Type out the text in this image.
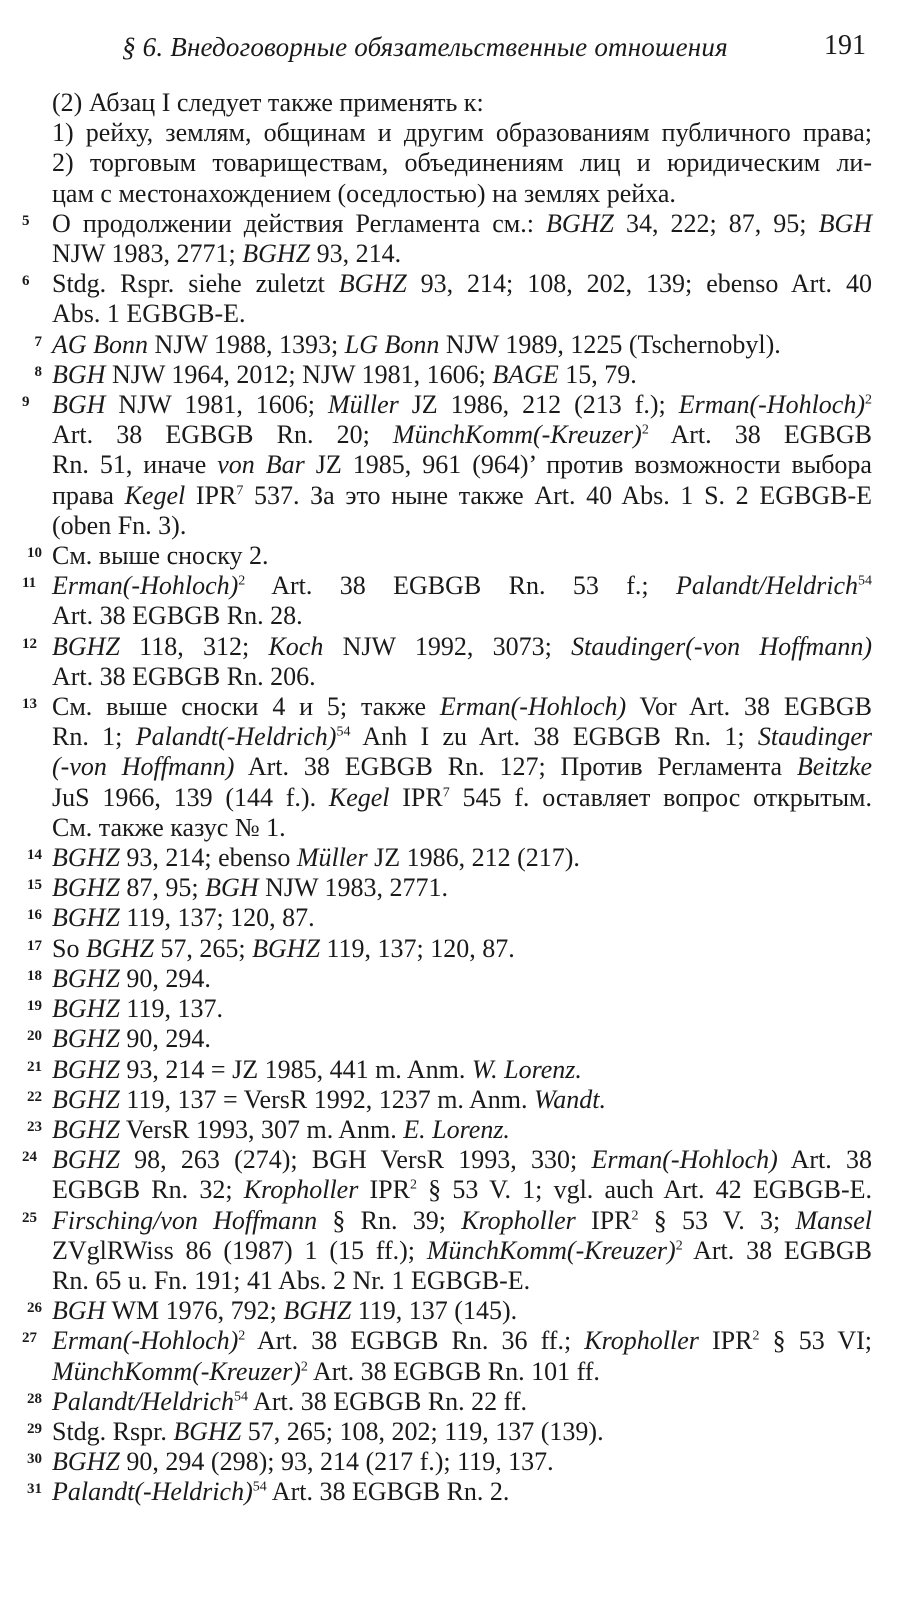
§ 6. Внедоговорные обязательственные отношения	191
(2) Абзац I следует также применять к:
1) рейху, землям, общинам и другим образованиям публичного права;
2) торговым товариществам, объединениям лиц и юридическим ли-
цам с местонахождением (оседлостью) на землях рейха.
5 О продолжении действия Регламента см.: BGHZ 34, 222; 87, 95; BGH
NJW 1983, 2771; BGHZ 93, 214.
6 Stdg. Rspr. siehe zuletzt BGHZ 93, 214; 108, 202, 139; ebenso Art. 40
Abs. 1 EGBGB-E.
7 AG Bonn NJW 1988, 1393; LG Bonn NJW 1989, 1225 (Tschernobyl).
8 BGH NJW 1964, 2012; NJW 1981, 1606; BAGE 15, 79.
9 BGH NJW 1981, 1606; Müller JZ 1986, 212 (213 f.); Erman(-Hohloch)$^2$
Art. 38 EGBGB Rn. 20; MünchKomm(-Kreuzer)$^2$ Art. 38 EGBGB
Rn. 51, иначе von Bar JZ 1985, 961 (964)’ против возможности выбора
права Kegel IPR$^7$ 537. За это ныне также Art. 40 Abs. 1 S. 2 EGBGB-E
(oben Fn. 3).
10 См. выше сноску 2.
11 Erman(-Hohloch)$^2$ Art. 38 EGBGB Rn. 53 f.; Palandt/Heldrich$^{54}$
Art. 38 EGBGB Rn. 28.
12 BGHZ 118, 312; Koch NJW 1992, 3073; Staudinger(-von Hoffmann)
Art. 38 EGBGB Rn. 206.
13 См. выше сноски 4 и 5; также Erman(-Hohloch) Vor Art. 38 EGBGB
Rn. 1; Palandt(-Heldrich)$^{54}$ Anh I zu Art. 38 EGBGB Rn. 1; Staudinger
(-von Hoffmann) Art. 38 EGBGB Rn. 127; Против Регламента Beitzke
JuS 1966, 139 (144 f.). Kegel IPR$^7$ 545 f. оставляет вопрос открытым.
См. также казус № 1.
14 BGHZ 93, 214; ebenso Müller JZ 1986, 212 (217).
15 BGHZ 87, 95; BGH NJW 1983, 2771.
16 BGHZ 119, 137; 120, 87.
17 So BGHZ 57, 265; BGHZ 119, 137; 120, 87.
18 BGHZ 90, 294.
19 BGHZ 119, 137.
20 BGHZ 90, 294.
21 BGHZ 93, 214 = JZ 1985, 441 m. Anm. W. Lorenz.
22 BGHZ 119, 137 = VersR 1992, 1237 m. Anm. Wandt.
23 BGHZ VersR 1993, 307 m. Anm. E. Lorenz.
24 BGHZ 98, 263 (274); BGH VersR 1993, 330; Erman(-Hohloch) Art. 38
EGBGB Rn. 32; Kropholler IPR$^2$ § 53 V. 1; vgl. auch Art. 42 EGBGB-E.
25 Firsching/von Hoffmann § Rn. 39; Kropholler IPR$^2$ § 53 V. 3; Mansel
ZVglRWiss 86 (1987) 1 (15 ff.); MünchKomm(-Kreuzer)$^2$ Art. 38 EGBGB
Rn. 65 u. Fn. 191; 41 Abs. 2 Nr. 1 EGBGB-E.
26 BGH WM 1976, 792; BGHZ 119, 137 (145).
27 Erman(-Hohloch)$^2$ Art. 38 EGBGB Rn. 36 ff.; Kropholler IPR$^2$ § 53 VI;
MünchKomm(-Kreuzer)$^2$ Art. 38 EGBGB Rn. 101 ff.
28 Palandt/Heldrich$^{54}$ Art. 38 EGBGB Rn. 22 ff.
29 Stdg. Rspr. BGHZ 57, 265; 108, 202; 119, 137 (139).
30 BGHZ 90, 294 (298); 93, 214 (217 f.); 119, 137.
31 Palandt(-Heldrich)$^{54}$ Art. 38 EGBGB Rn. 2.
